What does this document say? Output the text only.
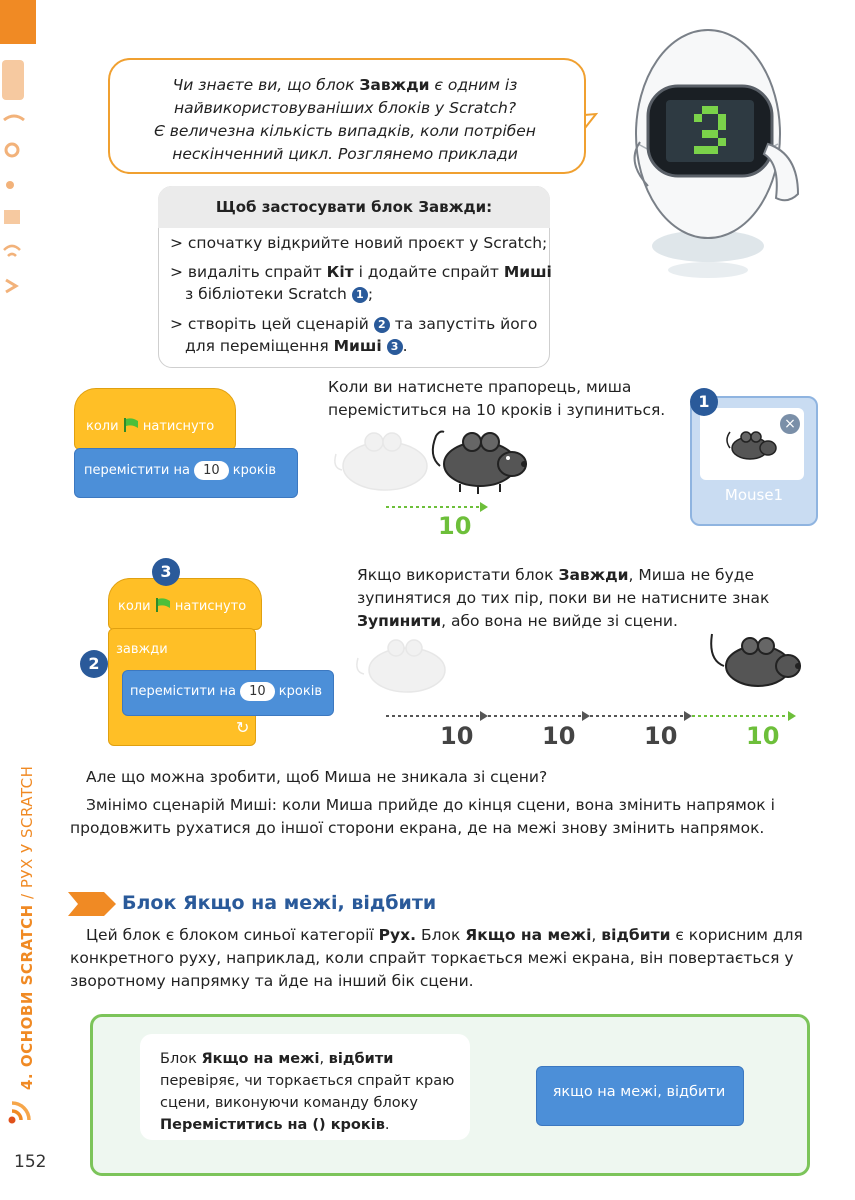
4. ОСНОВИ SCRATCH / РУХ У SCRATCH
152
Чи знаєте ви, що блок Завжди є одним із
найвикористовуваніших блоків у Scratch?
Є величезна кількість випадків, коли потрібен
нескінченний цикл. Розглянемо приклади
Щоб застосувати блок Завжди:
> спочатку відкрийте новий проєкт у Scratch;
> видаліть спрайт Кіт і додайте спрайт Миші
з бібліотеки Scratch 1 ;
> створіть цей сценарій 2 та запустіть його
для переміщення Миші 3 .
коли натиснуто
перемістити на 10 кроків
Коли ви натиснете прапорець, миша
переміститься на 10 кроків і зупиниться.
10
×
Mouse1
1
коли натиснуто
завжди
↻
перемістити на 10 кроків
3
2
Якщо використати блок Завжди, Миша не буде
зупинятися до тих пір, поки ви не натисните знак
Зупинити, або вона не вийде зі сцени.
10	10	10	10
Але що можна зробити, щоб Миша не зникала зі сцени?
Змінімо сценарій Миші: коли Миша прийде до кінця сцени, вона змінить напрямок і
продовжить рухатися до іншої сторони екрана, де на межі знову змінить напрямок.
Блок Якщо на межі, відбити
Цей блок є блоком синьої категорії Рух. Блок Якщо на межі, відбити є корисним для
конкретного руху, наприклад, коли спрайт торкається межі екрана, він повертається у
зворотному напрямку та йде на інший бік сцени.
Блок Якщо на межі, відбити
перевіряє, чи торкається спрайт краю
сцени, виконуючи команду блоку
Переміститись на () кроків.
якщо на межі, відбити
